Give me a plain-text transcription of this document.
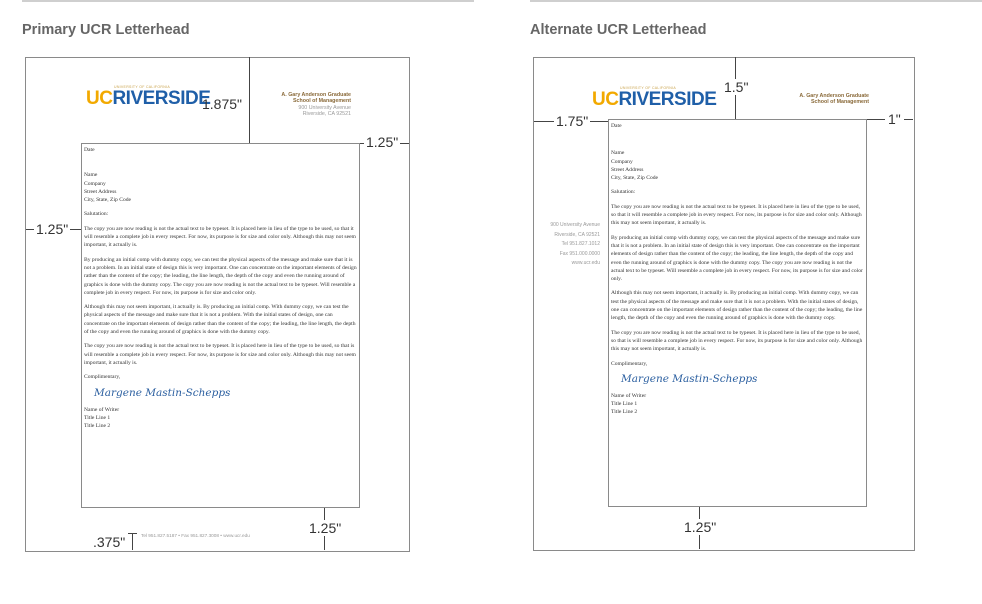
Primary UCR Letterhead
UNIVERSITY OF CALIFORNIA
UCRIVERSIDE	A. Gary Anderson Graduate
School of Management
900 University Avenue
Riverside, CA 92521
1.875"
1.25"
1.25"
1.25"
.375"	Tel 951.827.5187 • Fax 951.827.3008 • www.ucr.edu

Date

Name
Company
Street Address
City, State, Zip Code

Salutation:

The copy you are now reading is not the actual text to be typeset. It is placed here in lieu of the type to be used, so that it will resemble a complete job in every respect. For now, its purpose is for size and color only. Although this may not seem important, it actually is.

By producing an initial comp with dummy copy, we can test the physical aspects of the message and make sure that it is not a problem. In an initial state of design this is very important. One can concentrate on the important elements of design rather than the content of the copy; the leading, the line length, the depth of the copy and even the running around of graphics is done with the dummy copy. The copy you are now reading is not the actual text to be typeset. Will resemble a complete job in every respect. For now, its purpose is for size and color only.

Although this may not seem important, it actually is. By producing an initial comp. With dummy copy, we can test the physical aspects of the message and make sure that it is not a problem. With the initial states of design, one can concentrate on the important elements of design rather than the content of the copy; the leading, the line length, the depth of the copy and even the running around of graphics is done with the dummy copy.

The copy you are now reading is not the actual text to be typeset. It is placed here in lieu of the type to be used, so that is will resemble a complete job in every respect. For now, its purpose is for size and color only. Although this may not seem important, it actually is.

Complimentary,

Margene Mastin-Schepps
Name of Writer
Title Line 1
Title Line 2
Alternate UCR Letterhead
UNIVERSITY OF CALIFORNIA
UCRIVERSIDE	A. Gary Anderson Graduate
School of Management
1.5"
1.75"	1"
1.25"
900 University Avenue
Riverside, CA 92521
Tel 951.827.1012
Fax 951.000.0000
www.ucr.edu

Date

Name
Company
Street Address
City, State, Zip Code

Salutation:

The copy you are now reading is not the actual text to be typeset. It is placed here in lieu of the type to be used, so that it will resemble a complete job in every respect. For now, its purpose is for size and color only. Although this may not seem important, it actually is.

By producing an initial comp with dummy copy, we can test the physical aspects of the message and make sure that it is not a problem. In an initial state of design this is very important. One can concentrate on the important elements of design rather than the content of the copy; the leading, the line length, the depth of the copy and even the running around of graphics is done with the dummy copy. The copy you are now reading is not the actual text to be typeset. Will resemble a complete job in every respect. For now, its purpose is for size and color only.

Although this may not seem important, it actually is. By producing an initial comp. With dummy copy, we can test the physical aspects of the message and make sure that it is not a problem. With the initial states of design, one can concentrate on the important elements of design rather than the content of the copy; the leading, the line length, the depth of the copy and even the running around of graphics is done with the dummy copy.

The copy you are now reading is not the actual text to be typeset. It is placed here in lieu of the type to be used, so that is will resemble a complete job in every respect. For now, its purpose is for size and color only. Although this may not seem important, it actually is.

Complimentary,

Margene Mastin-Schepps
Name of Writer
Title Line 1
Title Line 2
